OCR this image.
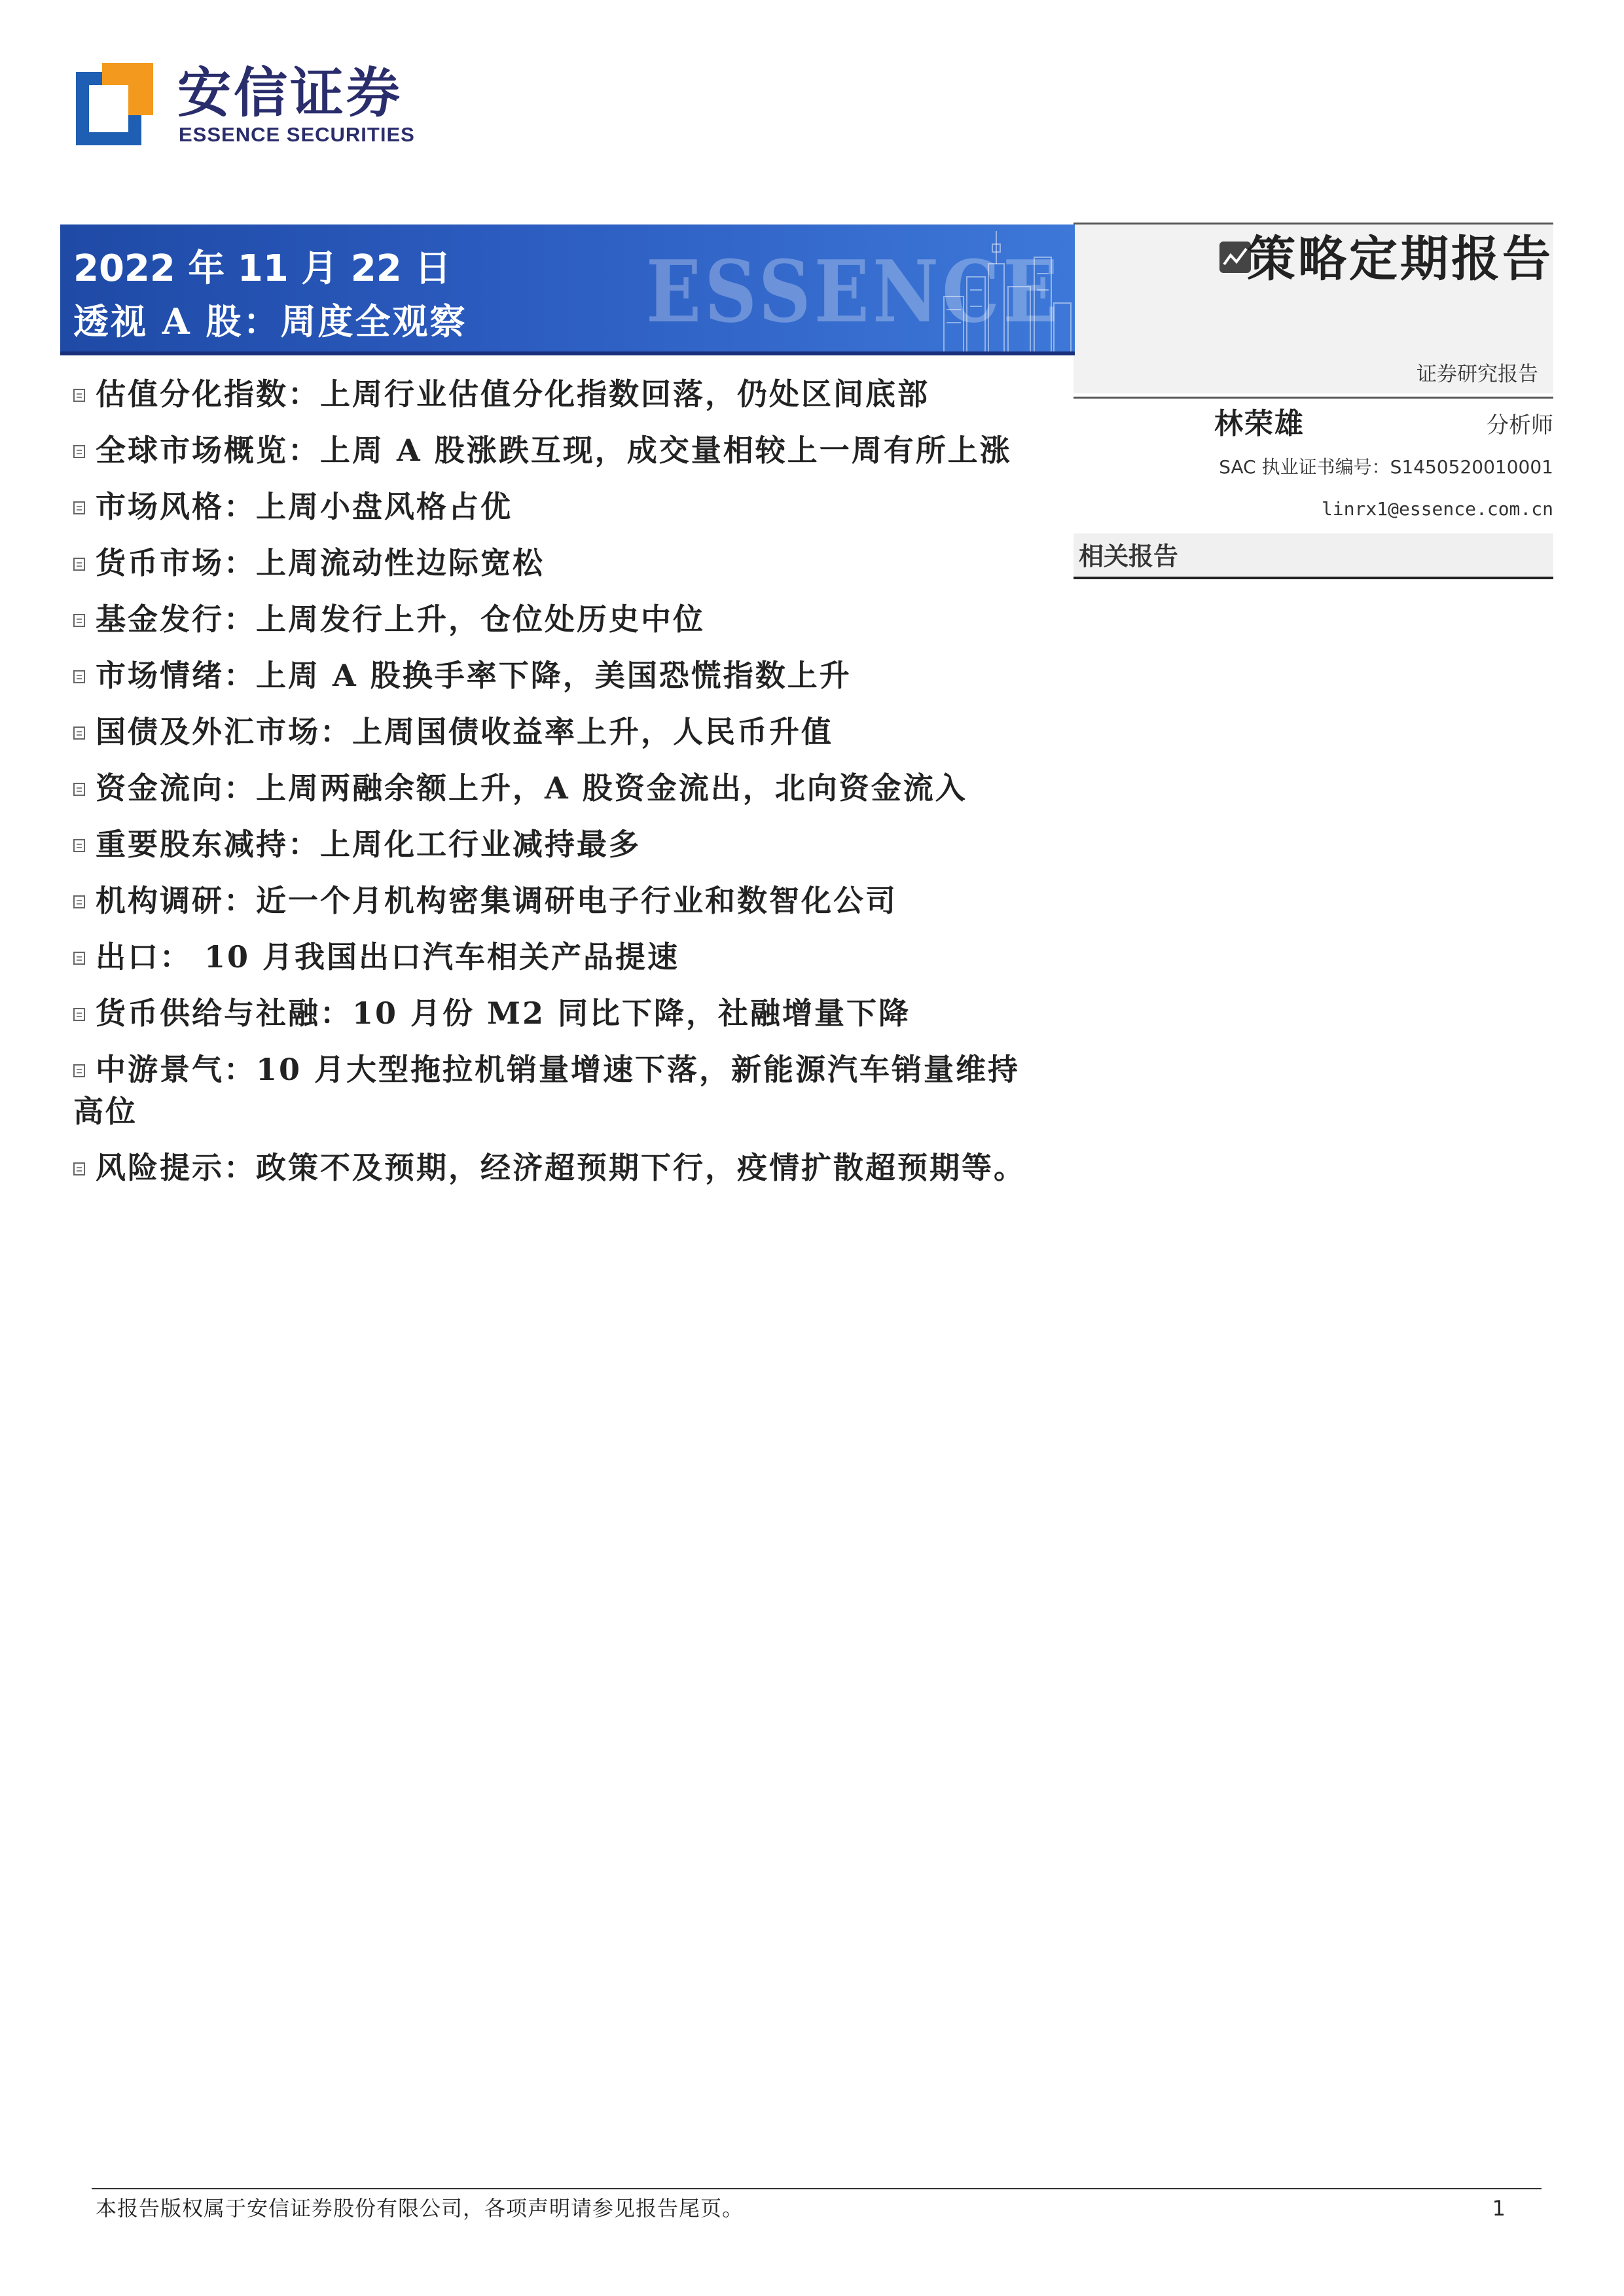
安信证券
ESSENCE SECURITIES
ESSENCE
2022 年 11 月 22 日
透视 A 股：周度全观察
策略定期报告
证券研究报告
林荣雄	分析师
SAC 执业证书编号：S1450520010001
linrx1@essence.com.cn
相关报告
估值分化指数：上周行业估值分化指数回落，仍处区间底部
全球市场概览：上周 A 股涨跌互现，成交量相较上一周有所上涨
市场风格：上周小盘风格占优
货币市场：上周流动性边际宽松
基金发行：上周发行上升，仓位处历史中位
市场情绪：上周 A 股换手率下降，美国恐慌指数上升
国债及外汇市场：上周国债收益率上升，人民币升值
资金流向：上周两融余额上升，A 股资金流出，北向资金流入
重要股东减持：上周化工行业减持最多
机构调研：近一个月机构密集调研电子行业和数智化公司
出口： 10 月我国出口汽车相关产品提速
货币供给与社融：10 月份 M2 同比下降，社融增量下降
中游景气：10 月大型拖拉机销量增速下落，新能源汽车销量维持高位
风险提示：政策不及预期，经济超预期下行，疫情扩散超预期等。
本报告版权属于安信证券股份有限公司，各项声明请参见报告尾页。	1
